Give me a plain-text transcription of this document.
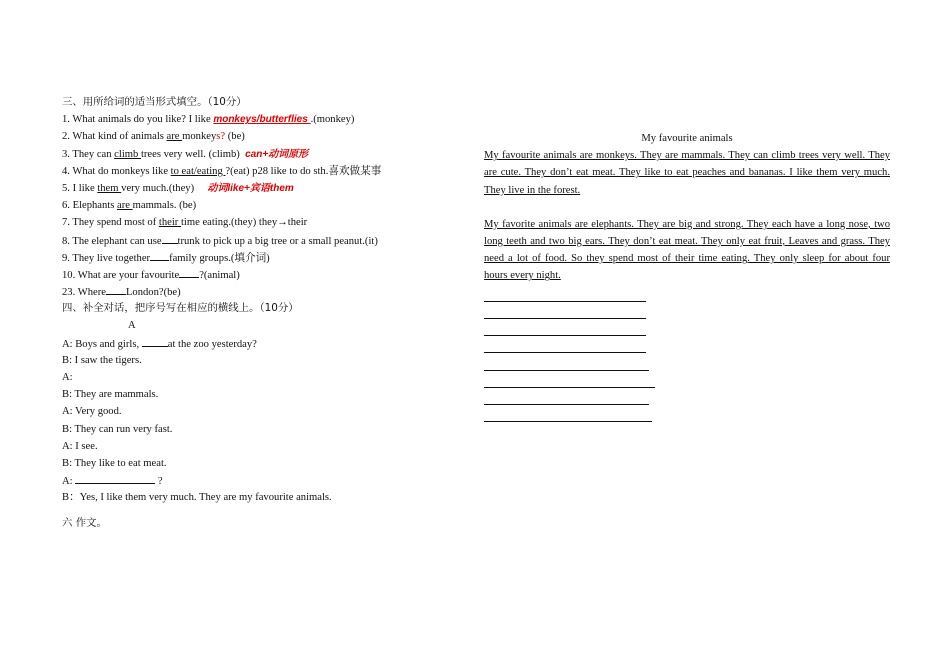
三、用所给词的适当形式填空。（10分）
1. What animals do you like? I like monkeys/butterflies .(monkey)
2. What kind of animals are monkeys? (be)
3. They can climb trees very well. (climb) can+动词原形
4. What do monkeys like to eat/eating ?(eat) p28 like to do sth.喜欢做某事
5. I like them very much.(they) 动词like+宾语them
6. Elephants are mammals. (be)
7. They spend most of their time eating.(they) they→their
8. The elephant can use trunk to pick up a big tree or a small peanut.(it)
9. They live together family groups.(填介词)
10. What are your favourite ?(animal)
23. Where London?(be)
四、补全对话，把序号写在相应的横线上。（10分）
A
A: Boys and girls, at the zoo yesterday?
B: I saw the tigers.
A:
B: They are mammals.
A: Very good.
B: They can run very fast.
A: I see.
B: They like to eat meat.
A:	?
B：Yes, I like them very much. They are my favourite animals.
六 作文。
My favourite animals

My favourite animals are monkeys. They are mammals. They can climb trees very well. They are cute. They don’t eat meat. They like to eat peaches and bananas. I like them very much. They live in the forest.

My favorite animals are elephants. They are big and strong. They each have a long nose, two long teeth and two big ears. They don’t eat meat. They only eat fruit, Leaves and grass. They need a lot of food. So they spend most of their time eating. They only sleep for about four hours every night.
